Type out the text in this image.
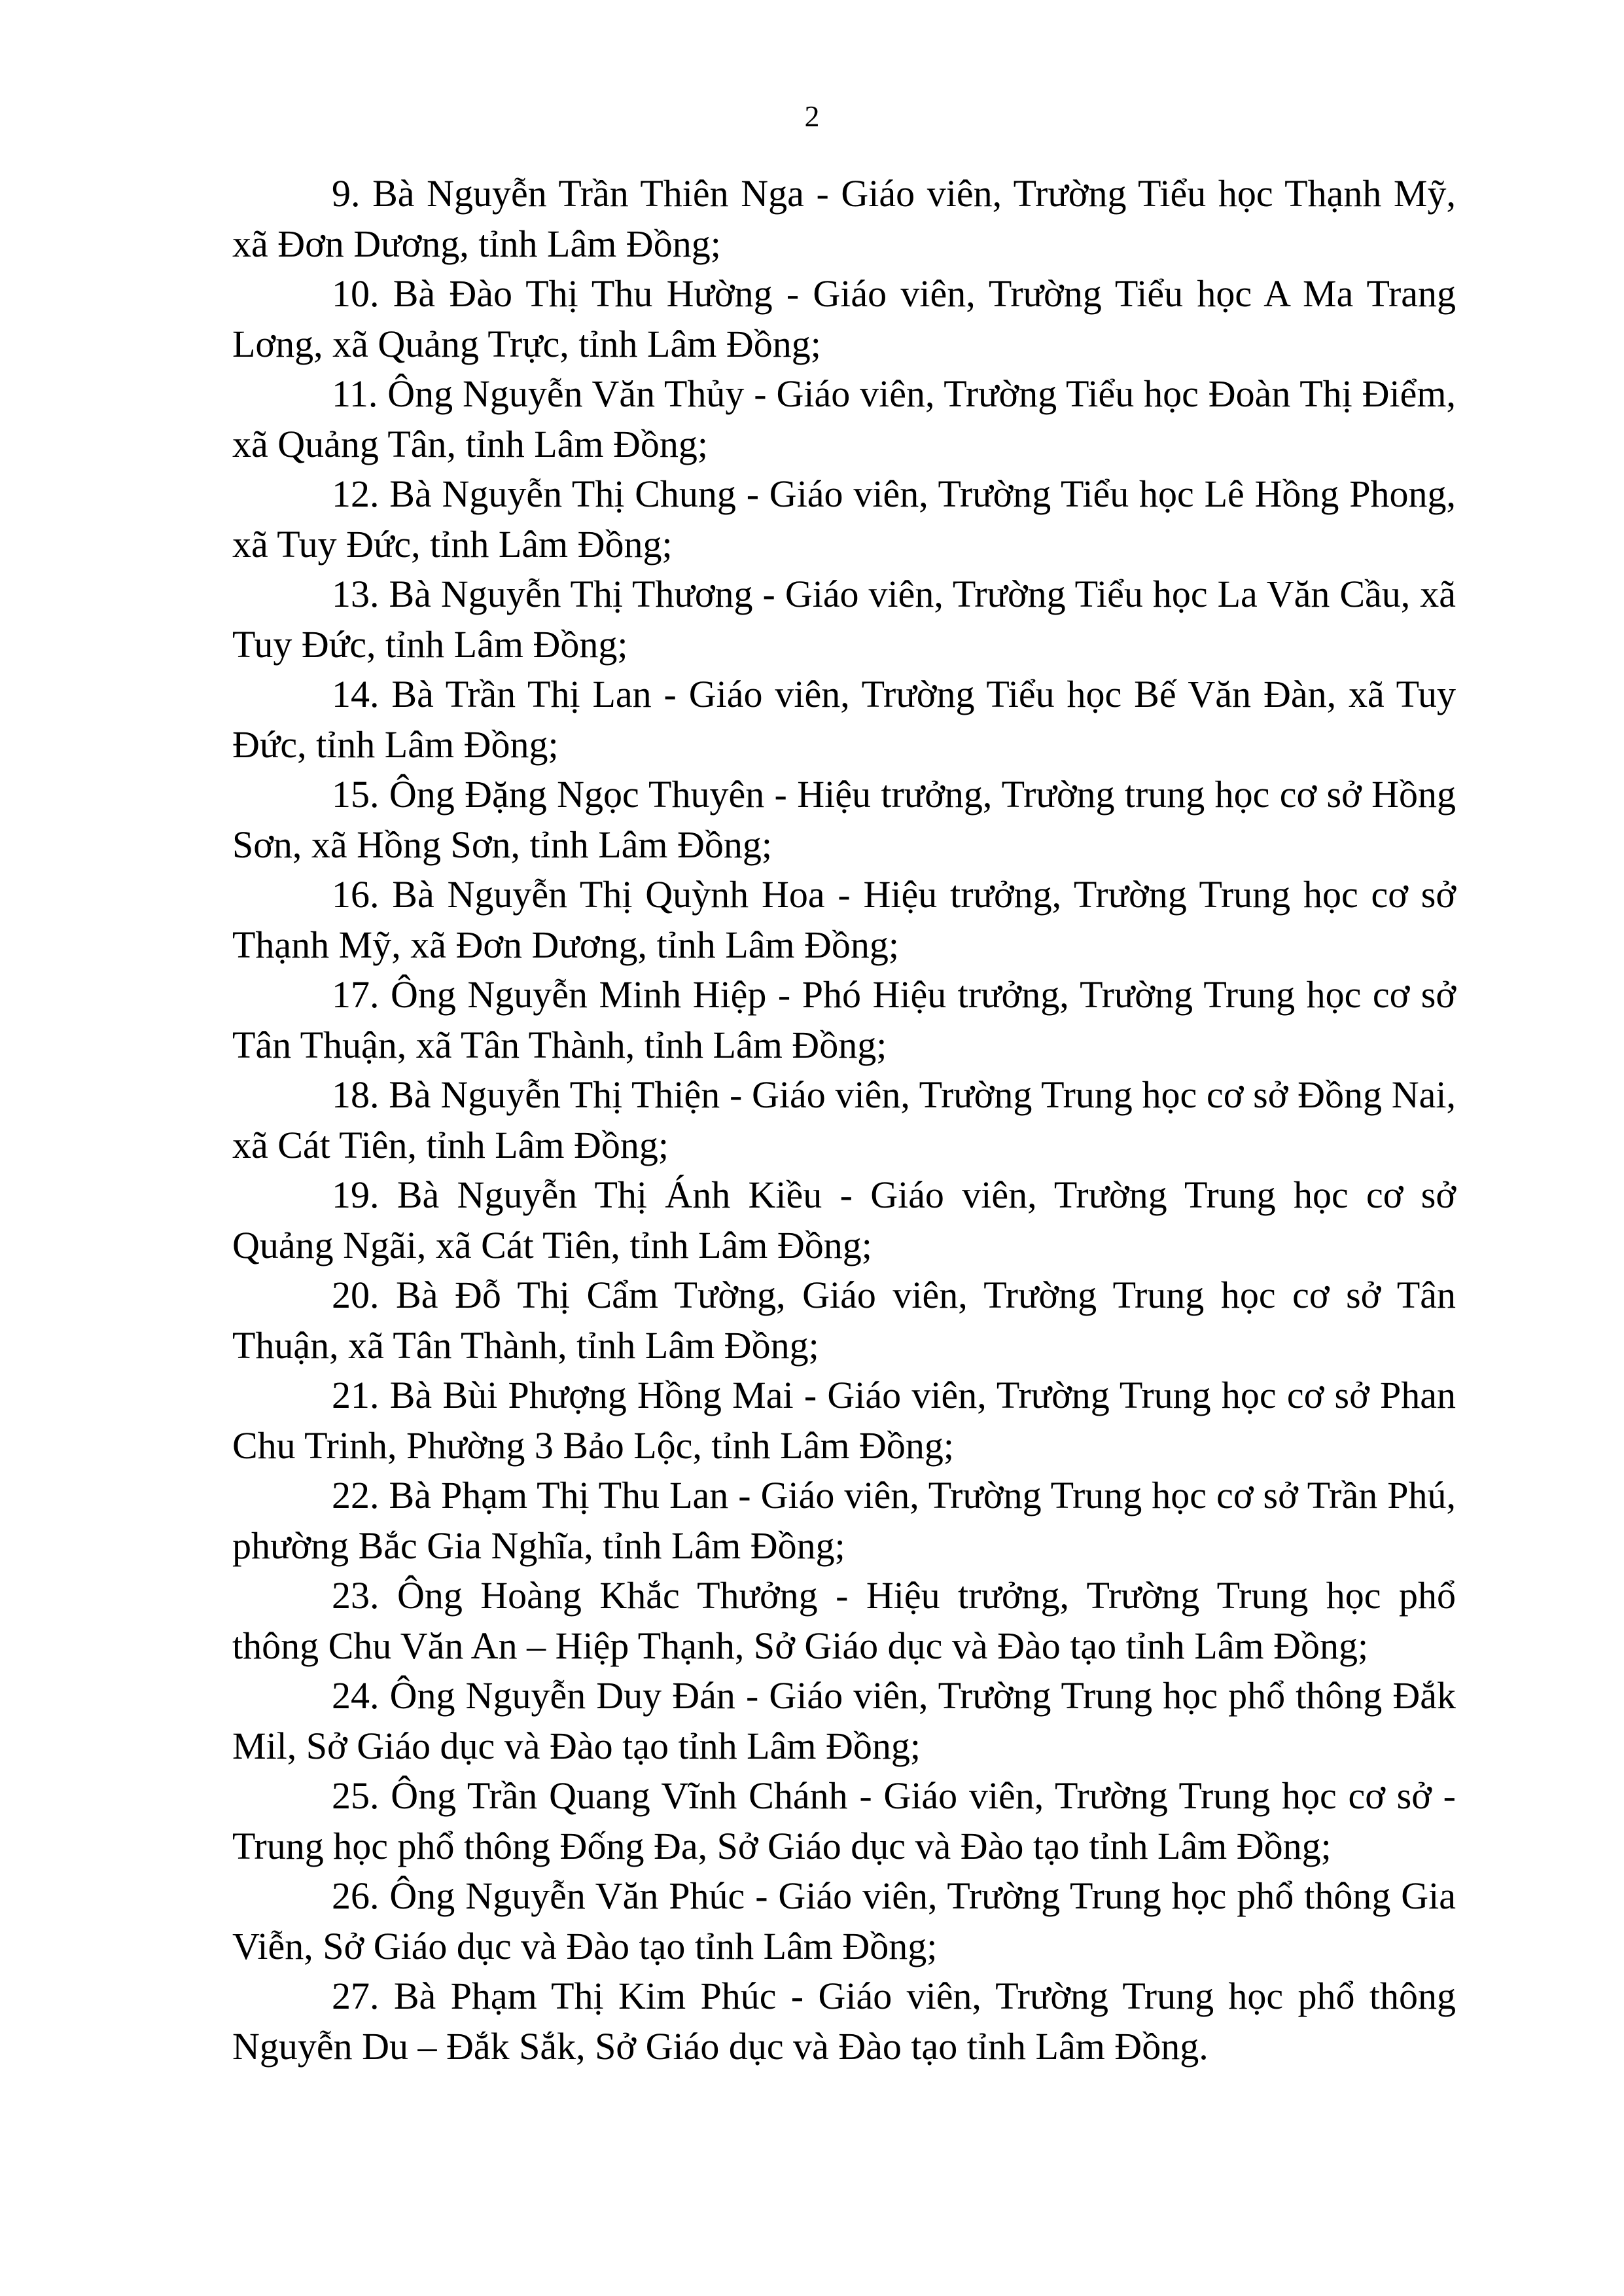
2

9. Bà Nguyễn Trần Thiên Nga - Giáo viên, Trường Tiểu học Thạnh Mỹ, xã Đơn Dương, tỉnh Lâm Đồng;

10. Bà Đào Thị Thu Hường - Giáo viên, Trường Tiểu học A Ma Trang Lơng, xã Quảng Trực, tỉnh Lâm Đồng;

11. Ông Nguyễn Văn Thủy - Giáo viên, Trường Tiểu học Đoàn Thị Điểm, xã Quảng Tân, tỉnh Lâm Đồng;

12. Bà Nguyễn Thị Chung - Giáo viên, Trường Tiểu học Lê Hồng Phong, xã Tuy Đức, tỉnh Lâm Đồng;

13. Bà Nguyễn Thị Thương - Giáo viên, Trường Tiểu học La Văn Cầu, xã Tuy Đức, tỉnh Lâm Đồng;

14. Bà Trần Thị Lan - Giáo viên, Trường Tiểu học Bế Văn Đàn, xã Tuy Đức, tỉnh Lâm Đồng;

15. Ông Đặng Ngọc Thuyên - Hiệu trưởng, Trường trung học cơ sở Hồng Sơn, xã Hồng Sơn, tỉnh Lâm Đồng;

16. Bà Nguyễn Thị Quỳnh Hoa - Hiệu trưởng, Trường Trung học cơ sở Thạnh Mỹ, xã Đơn Dương, tỉnh Lâm Đồng;

17. Ông Nguyễn Minh Hiệp - Phó Hiệu trưởng, Trường Trung học cơ sở Tân Thuận, xã Tân Thành, tỉnh Lâm Đồng;

18. Bà Nguyễn Thị Thiện - Giáo viên, Trường Trung học cơ sở Đồng Nai, xã Cát Tiên, tỉnh Lâm Đồng;

19. Bà Nguyễn Thị Ánh Kiều - Giáo viên, Trường Trung học cơ sở Quảng Ngãi, xã Cát Tiên, tỉnh Lâm Đồng;

20. Bà Đỗ Thị Cẩm Tường, Giáo viên, Trường Trung học cơ sở Tân Thuận, xã Tân Thành, tỉnh Lâm Đồng;

21. Bà Bùi Phượng Hồng Mai - Giáo viên, Trường Trung học cơ sở Phan Chu Trinh, Phường 3 Bảo Lộc, tỉnh Lâm Đồng;

22. Bà Phạm Thị Thu Lan - Giáo viên, Trường Trung học cơ sở Trần Phú, phường Bắc Gia Nghĩa, tỉnh Lâm Đồng;

23. Ông Hoàng Khắc Thưởng - Hiệu trưởng, Trường Trung học phổ thông Chu Văn An – Hiệp Thạnh, Sở Giáo dục và Đào tạo tỉnh Lâm Đồng;

24. Ông Nguyễn Duy Đán - Giáo viên, Trường Trung học phổ thông Đắk Mil, Sở Giáo dục và Đào tạo tỉnh Lâm Đồng;

25. Ông Trần Quang Vĩnh Chánh - Giáo viên, Trường Trung học cơ sở - Trung học phổ thông Đống Đa, Sở Giáo dục và Đào tạo tỉnh Lâm Đồng;

26. Ông Nguyễn Văn Phúc - Giáo viên, Trường Trung học phổ thông Gia Viễn, Sở Giáo dục và Đào tạo tỉnh Lâm Đồng;

27. Bà Phạm Thị Kim Phúc - Giáo viên, Trường Trung học phổ thông Nguyễn Du – Đắk Sắk, Sở Giáo dục và Đào tạo tỉnh Lâm Đồng.
